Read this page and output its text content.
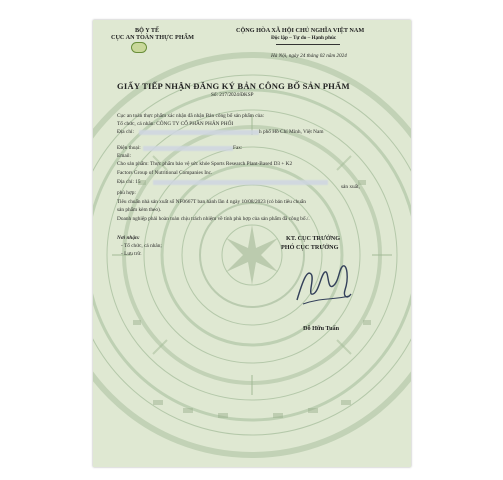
BỘ Y TẾ
CỤC AN TOÀN THỰC PHẨM
CỘNG HÒA XÃ HỘI CHỦ NGHĨA VIỆT NAM
Độc lập – Tự do – Hạnh phúc
Hà Nội, ngày 24 tháng 02 năm 2024
GIẤY TIẾP NHẬN ĐĂNG KÝ BẢN CÔNG BỐ SẢN PHẨM
Số: 217/2024/ĐKSP
Cục an toàn thực phẩm xác nhận đã nhận Bản công bố sản phẩm của:
Tổ chức, cá nhân: CÔNG TY CỔ PHẦN PHÂN PHỐI
Địa chỉ:	h phố Hồ Chí Minh, Việt Nam
Điện thoại:	Fax:
Email:
Cho sản phẩm: Thực phẩm bảo vệ sức khỏe Sports Research Plant-Based D3 + K2
Factors Group of Nutritional Companies Inc.
Địa chỉ: 15
sản xuất,
phù hợp:
Tiêu chuẩn nhà sản xuất số NF0667T ban hành lần 4 ngày 10/08/2023 (có bản tiêu chuẩn
sản phẩm kèm theo).
Doanh nghiệp phải hoàn toàn chịu trách nhiệm về tính phù hợp của sản phẩm đã công bố./.
Nơi nhận:
- Tổ chức, cá nhân;
- Lưu trữ.
KT. CỤC TRƯỞNG
PHÓ CỤC TRƯỞNG
Đỗ Hữu Tuấn
